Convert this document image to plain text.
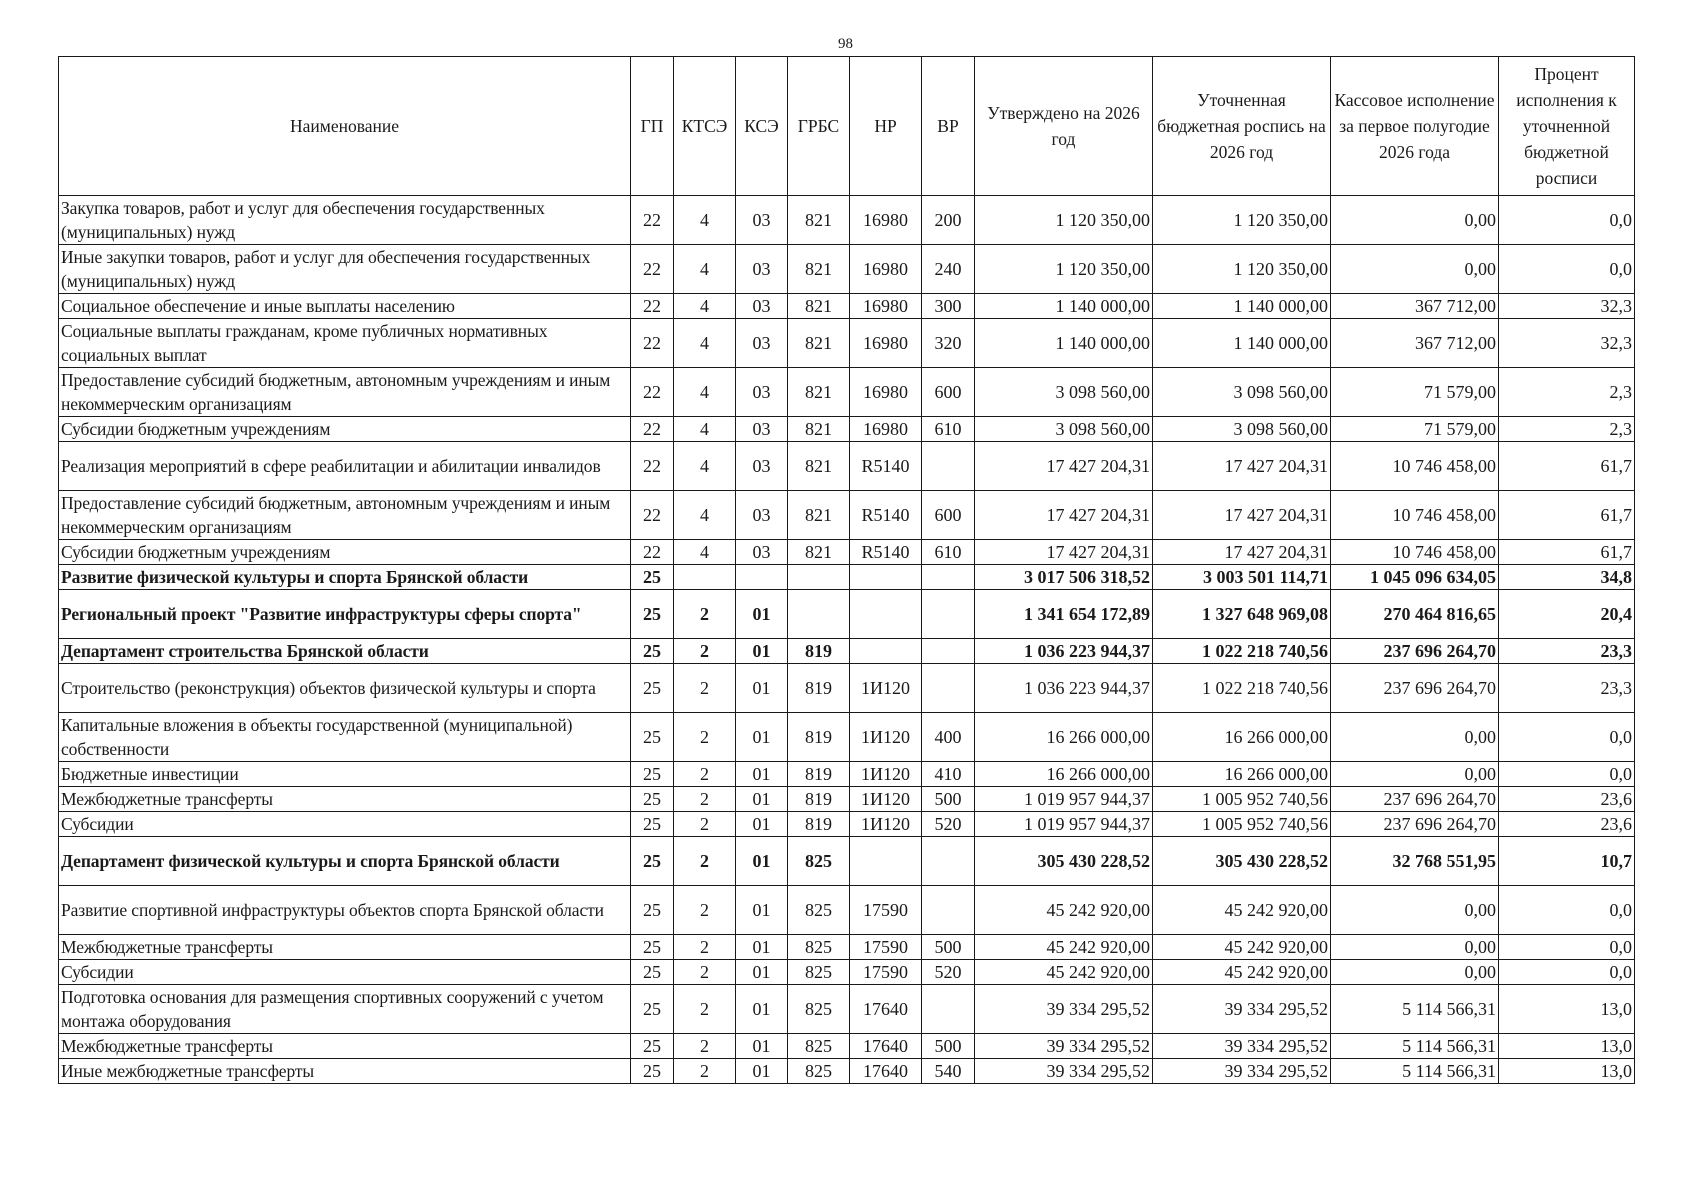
98
Наименование	ГП	КТСЭ	КСЭ	ГРБС	НР	ВР	Утверждено на 2026 год	Уточненная бюджетная роспись на 2026 год	Кассовое исполнение за первое полугодие 2026 года	Процент исполнения к уточненной бюджетной росписи
Закупка товаров, работ и услуг для обеспечения государственных (муниципальных) нужд	22	4	03	821	16980	200	1 120 350,00	1 120 350,00	0,00	0,0
Иные закупки товаров, работ и услуг для обеспечения государственных (муниципальных) нужд	22	4	03	821	16980	240	1 120 350,00	1 120 350,00	0,00	0,0
Социальное обеспечение и иные выплаты населению	22	4	03	821	16980	300	1 140 000,00	1 140 000,00	367 712,00	32,3
Социальные выплаты гражданам, кроме публичных нормативных социальных выплат	22	4	03	821	16980	320	1 140 000,00	1 140 000,00	367 712,00	32,3
Предоставление субсидий бюджетным, автономным учреждениям и иным некоммерческим организациям	22	4	03	821	16980	600	3 098 560,00	3 098 560,00	71 579,00	2,3
Субсидии бюджетным учреждениям	22	4	03	821	16980	610	3 098 560,00	3 098 560,00	71 579,00	2,3
Реализация мероприятий в сфере реабилитации и абилитации инвалидов	22	4	03	821	R5140		17 427 204,31	17 427 204,31	10 746 458,00	61,7
Предоставление субсидий бюджетным, автономным учреждениям и иным некоммерческим организациям	22	4	03	821	R5140	600	17 427 204,31	17 427 204,31	10 746 458,00	61,7
Субсидии бюджетным учреждениям	22	4	03	821	R5140	610	17 427 204,31	17 427 204,31	10 746 458,00	61,7
Развитие физической культуры и спорта Брянской области	25						3 017 506 318,52	3 003 501 114,71	1 045 096 634,05	34,8
Региональный проект "Развитие инфраструктуры сферы спорта"	25	2	01				1 341 654 172,89	1 327 648 969,08	270 464 816,65	20,4
Департамент строительства Брянской области	25	2	01	819			1 036 223 944,37	1 022 218 740,56	237 696 264,70	23,3
Строительство (реконструкция) объектов физической культуры и спорта	25	2	01	819	1И120		1 036 223 944,37	1 022 218 740,56	237 696 264,70	23,3
Капитальные вложения в объекты государственной (муниципальной) собственности	25	2	01	819	1И120	400	16 266 000,00	16 266 000,00	0,00	0,0
Бюджетные инвестиции	25	2	01	819	1И120	410	16 266 000,00	16 266 000,00	0,00	0,0
Межбюджетные трансферты	25	2	01	819	1И120	500	1 019 957 944,37	1 005 952 740,56	237 696 264,70	23,6
Субсидии	25	2	01	819	1И120	520	1 019 957 944,37	1 005 952 740,56	237 696 264,70	23,6
Департамент физической культуры и спорта Брянской области	25	2	01	825			305 430 228,52	305 430 228,52	32 768 551,95	10,7
Развитие спортивной инфраструктуры объектов спорта Брянской области	25	2	01	825	17590		45 242 920,00	45 242 920,00	0,00	0,0
Межбюджетные трансферты	25	2	01	825	17590	500	45 242 920,00	45 242 920,00	0,00	0,0
Субсидии	25	2	01	825	17590	520	45 242 920,00	45 242 920,00	0,00	0,0
Подготовка основания для размещения спортивных сооружений с учетом монтажа оборудования	25	2	01	825	17640		39 334 295,52	39 334 295,52	5 114 566,31	13,0
Межбюджетные трансферты	25	2	01	825	17640	500	39 334 295,52	39 334 295,52	5 114 566,31	13,0
Иные межбюджетные трансферты	25	2	01	825	17640	540	39 334 295,52	39 334 295,52	5 114 566,31	13,0
